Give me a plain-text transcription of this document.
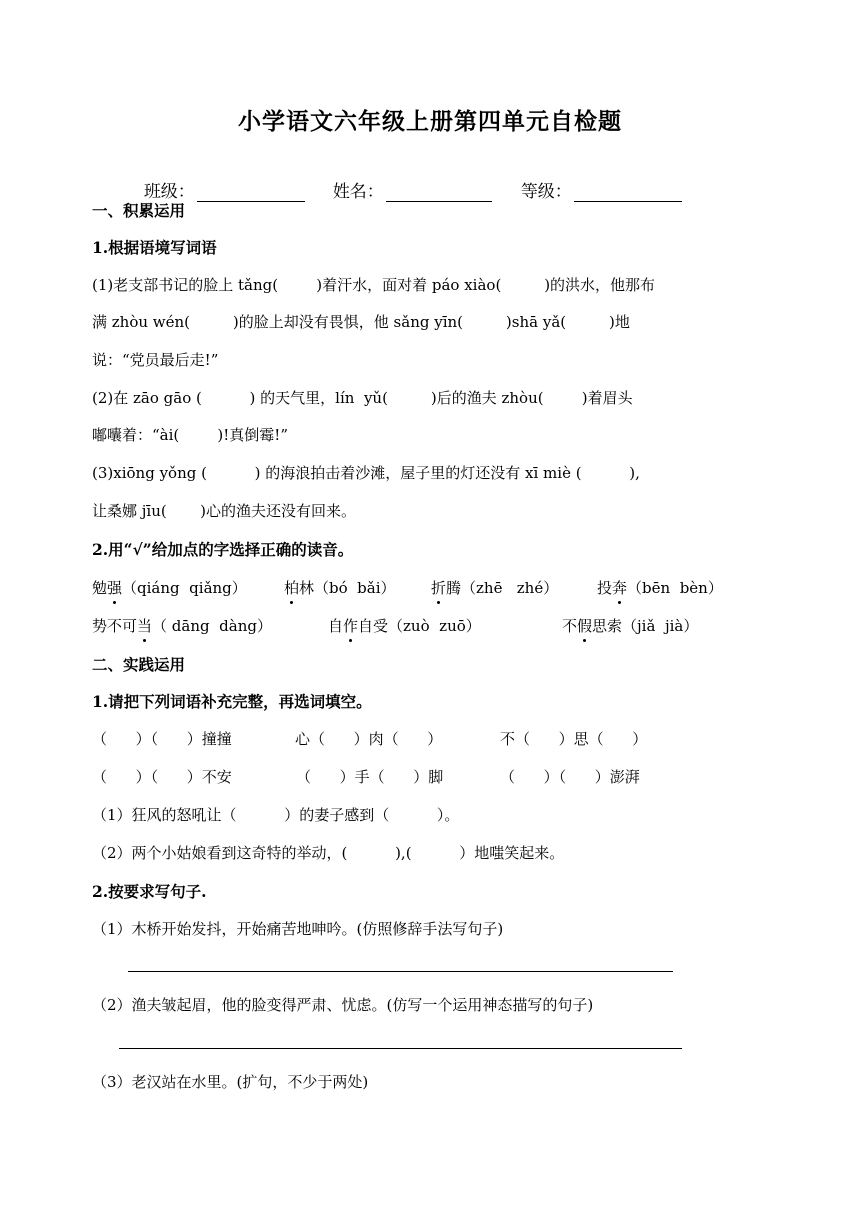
小学语文六年级上册第四单元自检题

班级：	姓名：	等级：

一、积累运用
1.根据语境写词语
(1)老支部书记的脸上 tǎng(        )着汗水，面对着 páo xiào(         )的洪水，他那布
满 zhòu wén(         )的脸上却没有畏惧，他 sǎng yīn(         )shā yǎ(         )地
说：“党员最后走!”
(2)在 zāo gāo (          ) 的天气里，lín  yǔ(         )后的渔夫 zhòu(        )着眉头
嘟囔着：“ài(        )!真倒霉!”
(3)xiōng yǒng (          ) 的海浪拍击着沙滩，屋子里的灯还没有 xī miè (          ),
让桑娜 jīu(       )心的渔夫还没有回来。
2.用“√”给加点的字选择正确的读音。
勉强（qiáng  qiǎng） 柏林（bó  bǎi） 折腾（zhē   zhé）	投奔（bēn  bèn）
势不可当（ dāng  dàng）	自作自受（zuò  zuō）	不假思索（jiǎ  jià）
二、实践运用
1.请把下列词语补充完整，再选词填空。
（      ）（      ）撞撞	心（      ）肉（      ）	不（      ）思（      ）
（      ）（      ）不安	（      ）手（      ）脚	（      ）（      ）澎湃
（1）狂风的怒吼让（          ）的妻子感到（          ）。
（2）两个小姑娘看到这奇特的举动，(          ),(          ）地嗤笑起来。
2.按要求写句子.
（1）木桥开始发抖，开始痛苦地呻吟。(仿照修辞手法写句子)
（2）渔夫皱起眉，他的脸变得严肃、忧虑。(仿写一个运用神态描写的句子)
（3）老汉站在水里。(扩句，不少于两处)
